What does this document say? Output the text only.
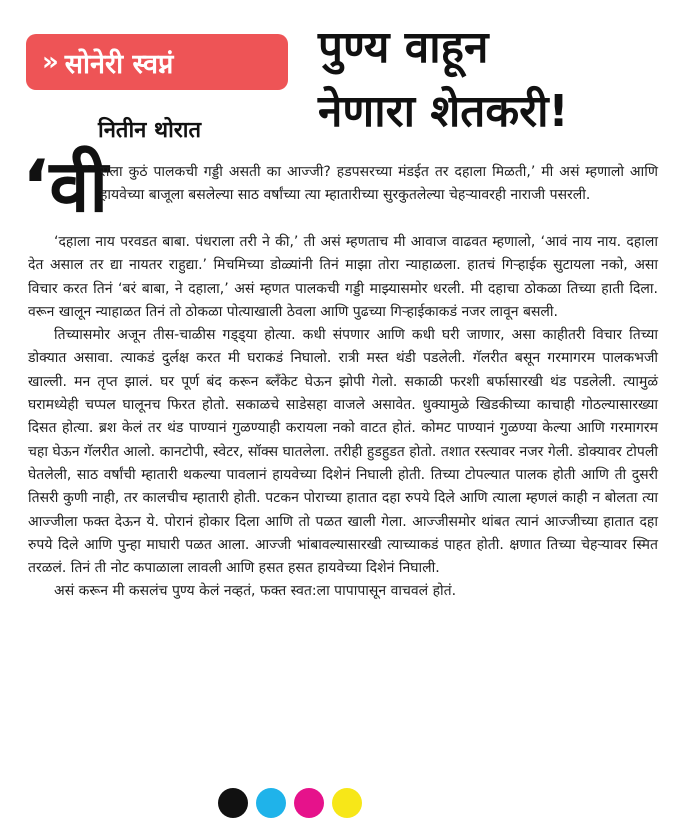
» सोनेरी स्वप्नं
नितीन थोरात
पुण्य वाहून
नेणारा शेतकरी!
‘वी

सला कुठं पालकची गड्डी असती का आज्जी? हडपसरच्या मंडईत तर दहाला मिळती,’ मी असं म्हणालो आणि हायवेच्या बाजूला बसलेल्या साठ वर्षांच्या त्या म्हातारीच्या सुरकुतलेल्या चेहऱ्यावरही नाराजी पसरली.

‘दहाला नाय परवडत बाबा. पंधराला तरी ने की,’ ती असं म्हणताच मी आवाज वाढवत म्हणालो, ‘आवं नाय नाय. दहाला देत असाल तर द्या नायतर राहुद्या.’ मिचमिच्या डोळ्यांनी तिनं माझा तोरा न्याहाळला. हातचं गिऱ्हाईक सुटायला नको, असा विचार करत तिनं ‘बरं बाबा, ने दहाला,’ असं म्हणत पालकची गड्डी माझ्यासमोर धरली. मी दहाचा ठोकळा तिच्या हाती दिला. वरून खालून न्याहाळत तिनं तो ठोकळा पोत्याखाली ठेवला आणि पुढच्या गिऱ्हाईकाकडं नजर लावून बसली.

तिच्यासमोर अजून तीस-चाळीस गड्ड्या होत्या. कधी संपणार आणि कधी घरी जाणार, असा काहीतरी विचार तिच्या डोक्यात असावा. त्याकडं दुर्लक्ष करत मी घराकडं निघालो. रात्री मस्त थंडी पडलेली. गॅलरीत बसून गरमागरम पालकभजी खाल्ली. मन तृप्त झालं. घर पूर्ण बंद करून ब्लॅंकेट घेऊन झोपी गेलो. सकाळी फरशी बर्फासारखी थंड पडलेली. त्यामुळं घरामध्येही चप्पल घालूनच फिरत होतो. सकाळचे साडेसहा वाजले असावेत. धुक्यामुळे खिडकीच्या काचाही गोठल्यासारख्या दिसत होत्या. ब्रश केलं तर थंड पाण्यानं गुळण्याही करायला नको वाटत होतं. कोमट पाण्यानं गुळण्या केल्या आणि गरमागरम चहा घेऊन गॅलरीत आलो. कानटोपी, स्वेटर, सॉक्स घातलेला. तरीही हुडहुडत होतो. तशात रस्त्यावर नजर गेली. डोक्यावर टोपली घेतलेली, साठ वर्षांची म्हातारी थकल्या पावलानं हायवेच्या दिशेनं निघाली होती. तिच्या टोपल्यात पालक होती आणि ती दुसरी तिसरी कुणी नाही, तर कालचीच म्हातारी होती. पटकन पोराच्या हातात दहा रुपये दिले आणि त्याला म्हणलं काही न बोलता त्या आज्जीला फक्त देऊन ये. पोरानं होकार दिला आणि तो पळत खाली गेला. आज्जीसमोर थांबत त्यानं आज्जीच्या हातात दहा रुपये दिले आणि पुन्हा माघारी पळत आला. आज्जी भांबावल्यासारखी त्याच्याकडं पाहत होती. क्षणात तिच्या चेहऱ्यावर स्मित तरळलं. तिनं ती नोट कपाळाला लावली आणि हसत हसत हायवेच्या दिशेनं निघाली.

असं करून मी कसलंच पुण्य केलं नव्हतं, फक्त स्वत:ला पापापासून वाचवलं होतं.
